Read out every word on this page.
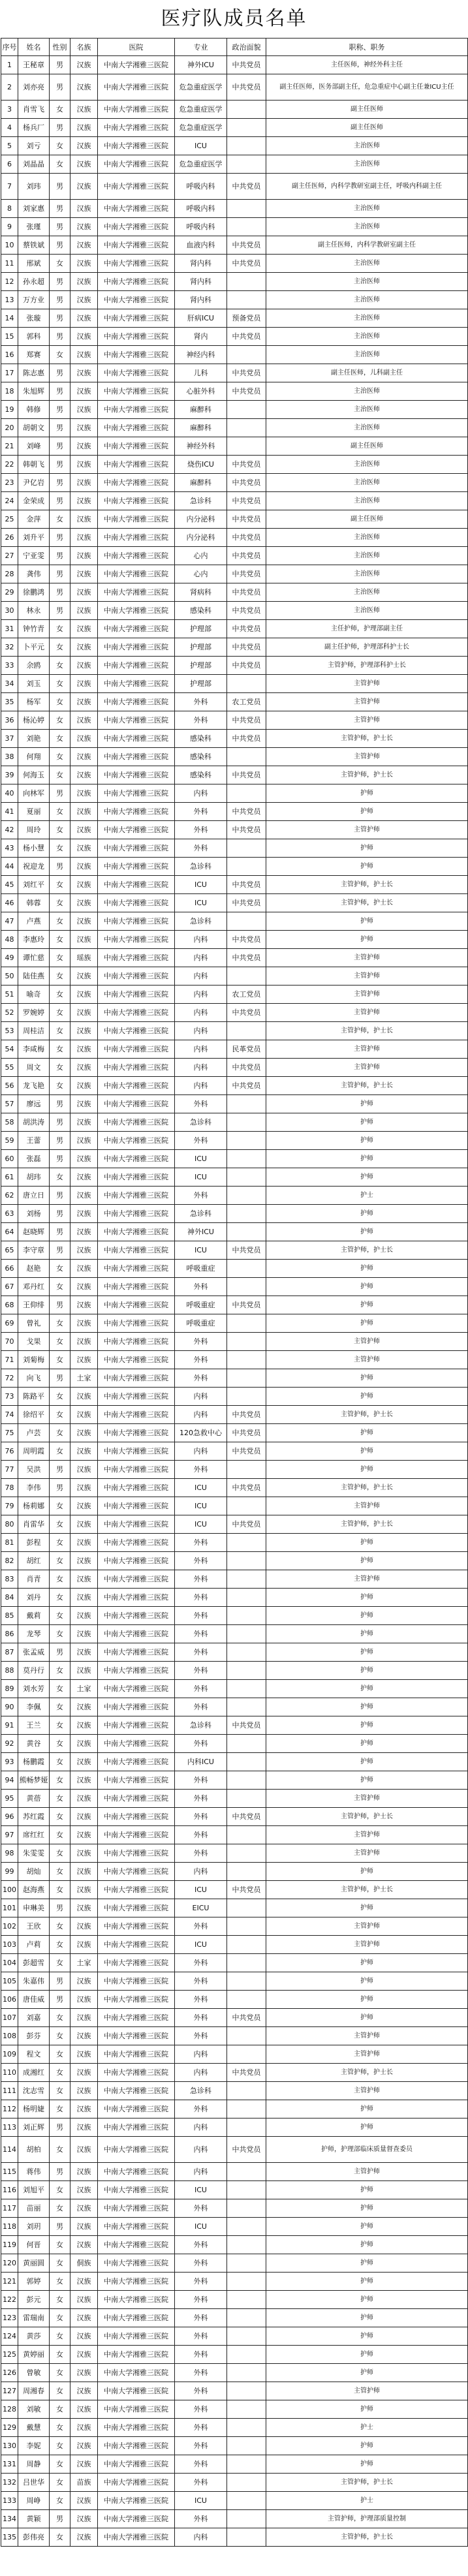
医疗队成员名单
序号	姓名	性别	名族	医院	专业	政治面貌	职称、职务
1	王秘章	男	汉族	中南大学湘雅三医院	神外ICU	中共党员	主任医师，神经外科主任
2	刘亦亮	男	汉族	中南大学湘雅三医院	危急重症医学	中共党员	副主任医师，医务部副主任，危急重症中心副主任兼ICU主任
3	肖雪飞	女	汉族	中南大学湘雅三医院	危急重症医学		副主任医师
4	杨兵厂	男	汉族	中南大学湘雅三医院	危急重症医学		副主任医师
5	刘亏	女	汉族	中南大学湘雅三医院	ICU		主治医师
6	刘晶晶	女	汉族	中南大学湘雅三医院	危急重症医学		主治医师
7	刘玮	男	汉族	中南大学湘雅三医院	呼吸内科	中共党员	副主任医师，内科学教研室副主任，呼吸内科副主任
8	刘家惠	男	汉族	中南大学湘雅三医院	呼吸内科		主治医师
9	张瑾	男	汉族	中南大学湘雅三医院	呼吸内科		主治医师
10	蔡铁斌	男	汉族	中南大学湘雅三医院	血液内科	中共党员	副主任医师，内科学教研室副主任
11	邢斌	女	汉族	中南大学湘雅三医院	肾内科	中共党员	主治医师
12	孙永超	男	汉族	中南大学湘雅三医院	肾内科		主治医师
13	万方业	男	汉族	中南大学湘雅三医院	肾内科		主治医师
14	张璇	男	汉族	中南大学湘雅三医院	肝病ICU	预备党员	主治医师
15	郭科	男	汉族	中南大学湘雅三医院	肾内	中共党员	主治医师
16	郑赛	女	汉族	中南大学湘雅三医院	神经内科		主治医师
17	陈志惠	男	汉族	中南大学湘雅三医院	儿科	中共党员	副主任医师，儿科副主任
18	朱旭辉	男	汉族	中南大学湘雅三医院	心脏外科	中共党员	主治医师
19	韩修	男	汉族	中南大学湘雅三医院	麻醉科		主治医师
20	胡朝文	男	汉族	中南大学湘雅三医院	麻醉科		主治医师
21	刘峰	男	汉族	中南大学湘雅三医院	神经外科		副主任医师
22	韩朝飞	男	汉族	中南大学湘雅三医院	烧伤ICU	中共党员	主治医师
23	尹亿岩	男	汉族	中南大学湘雅三医院	麻醉科	中共党员	主治医师
24	金荣成	男	汉族	中南大学湘雅三医院	急诊科	中共党员	主治医师
25	金萍	女	汉族	中南大学湘雅三医院	内分泌科	中共党员	副主任医师
26	刘升平	男	汉族	中南大学湘雅三医院	内分泌科	中共党员	主治医师
27	宁亚雯	男	汉族	中南大学湘雅三医院	心内	中共党员	主治医师
28	龚伟	男	汉族	中南大学湘雅三医院	心内	中共党员	主治医师
29	徐鹏鸿	男	汉族	中南大学湘雅三医院	肾病科	中共党员	主治医师
30	林永	男	汉族	中南大学湘雅三医院	感染科	中共党员	主治医师
31	钟竹青	女	汉族	中南大学湘雅三医院	护理部	中共党员	主任护师，护理部副主任
32	卜平元	女	汉族	中南大学湘雅三医院	护理部	中共党员	副主任护师，护理部科护士长
33	余鸥	女	汉族	中南大学湘雅三医院	护理部	中共党员	主管护师，护理部科护士长
34	刘玉	女	汉族	中南大学湘雅三医院	护理部		主管护师
35	杨军	女	汉族	中南大学湘雅三医院	外科	农工党员	主管护师
36	杨沁婷	女	汉族	中南大学湘雅三医院	外科	中共党员	主管护师
37	刘艳	女	汉族	中南大学湘雅三医院	感染科	中共党员	主管护师，护士长
38	何翔	女	汉族	中南大学湘雅三医院	感染科		主管护师
39	何海玉	女	汉族	中南大学湘雅三医院	感染科	中共党员	主管护师，护士长
40	向林军	男	汉族	中南大学湘雅三医院	内科		护师
41	夏丽	女	汉族	中南大学湘雅三医院	外科	中共党员	护师
42	周玲	女	汉族	中南大学湘雅三医院	外科	中共党员	主管护师
43	杨小慧	女	汉族	中南大学湘雅三医院	外科		护师
44	祝迎龙	男	汉族	中南大学湘雅三医院	急诊科		护师
45	刘红平	女	汉族	中南大学湘雅三医院	ICU	中共党员	主管护师，护士长
46	韩蓉	女	汉族	中南大学湘雅三医院	ICU	中共党员	主管护师，护士长
47	卢燕	女	汉族	中南大学湘雅三医院	急诊科		护师
48	李惠玲	女	汉族	中南大学湘雅三医院	内科	中共党员	护师
49	谭忙慈	女	瑶族	中南大学湘雅三医院	内科	中共党员	主管护师
50	陆佳燕	女	汉族	中南大学湘雅三医院	内科		主管护师
51	喻奇	女	汉族	中南大学湘雅三医院	内科	农工党员	主管护师
52	罗婉婷	女	汉族	中南大学湘雅三医院	内科	中共党员	主管护师
53	周桂洁	女	汉族	中南大学湘雅三医院	内科		主管护师，护士长
54	李咸梅	女	汉族	中南大学湘雅三医院	内科	民革党员	主管护师
55	周文	女	汉族	中南大学湘雅三医院	内科	中共党员	主管护师
56	龙飞艳	女	汉族	中南大学湘雅三医院	内科	中共党员	主管护师，护士长
57	廖远	男	汉族	中南大学湘雅三医院	外科		护师
58	胡洪涛	男	汉族	中南大学湘雅三医院	急诊科		护师
59	王蕾	男	汉族	中南大学湘雅三医院	外科		护师
60	张磊	男	汉族	中南大学湘雅三医院	ICU		护师
61	胡玮	女	汉族	中南大学湘雅三医院	ICU		护师
62	唐立日	男	汉族	中南大学湘雅三医院	外科		护士
63	刘杨	男	汉族	中南大学湘雅三医院	急诊科		护师
64	赵晓辉	男	汉族	中南大学湘雅三医院	神外ICU		护师
65	李守章	男	汉族	中南大学湘雅三医院	ICU	中共党员	主管护师，护士长
66	赵艳	女	汉族	中南大学湘雅三医院	呼吸重症		护师
67	邓丹红	女	汉族	中南大学湘雅三医院	外科		护师
68	王仰绯	男	汉族	中南大学湘雅三医院	呼吸重症	中共党员	护师
69	曾礼	女	汉族	中南大学湘雅三医院	呼吸重症		护师
70	戈果	女	汉族	中南大学湘雅三医院	外科		主管护师
71	刘菊梅	女	汉族	中南大学湘雅三医院	外科		主管护师
72	向飞	男	土家	中南大学湘雅三医院	外科		护师
73	陈路平	女	汉族	中南大学湘雅三医院	内科		护师
74	徐绍平	女	汉族	中南大学湘雅三医院	内科	中共党员	主管护师，护士长
75	卢芸	女	汉族	中南大学湘雅三医院	120急救中心	中共党员	护师
76	周明霞	女	汉族	中南大学湘雅三医院	内科	中共党员	护师
77	吴洪	男	汉族	中南大学湘雅三医院	外科		护师
78	李伟	男	汉族	中南大学湘雅三医院	ICU	中共党员	主管护师，护士长
79	杨莉娜	女	汉族	中南大学湘雅三医院	ICU		主管护师
80	肖雷华	女	汉族	中南大学湘雅三医院	ICU	中共党员	主管护师，护士长
81	彭程	女	汉族	中南大学湘雅三医院	外科		护师
82	胡红	女	汉族	中南大学湘雅三医院	外科		护师
83	肖青	女	汉族	中南大学湘雅三医院	外科		主管护师
84	刘丹	女	汉族	中南大学湘雅三医院	外科		护师
85	戴莉	女	汉族	中南大学湘雅三医院	外科		护师
86	龙琴	女	汉族	中南大学湘雅三医院	外科		护师
87	张孟威	男	汉族	中南大学湘雅三医院	外科		护师
88	莫丹行	女	汉族	中南大学湘雅三医院	外科		护师
89	刘水芳	女	土家	中南大学湘雅三医院	外科		护师
90	李佩	女	汉族	中南大学湘雅三医院	外科		护师
91	王兰	女	汉族	中南大学湘雅三医院	急诊科	中共党员	护师
92	黄谷	女	汉族	中南大学湘雅三医院	外科		护师
93	杨鹏霞	女	汉族	中南大学湘雅三医院	内科ICU		护师
94	熊畅梦娅	女	汉族	中南大学湘雅三医院	外科		护师
95	黄蓓	女	汉族	中南大学湘雅三医院	外科		主管护师
96	苏红霞	女	汉族	中南大学湘雅三医院	外科	中共党员	主管护师，护士长
97	席红红	女	汉族	中南大学湘雅三医院	外科		主管护师
98	朱雯雯	女	汉族	中南大学湘雅三医院	外科		主管护师
99	胡灿	女	汉族	中南大学湘雅三医院	内科		护师
100	赵海燕	女	汉族	中南大学湘雅三医院	ICU	中共党员	主管护师，护士长
101	申琳美	男	汉族	中南大学湘雅三医院	EICU		护师
102	王欣	女	汉族	中南大学湘雅三医院	外科		主管护师
103	卢莉	女	汉族	中南大学湘雅三医院	ICU		主管护师
104	彭超雪	女	土家	中南大学湘雅三医院	外科		护师
105	朱嘉伟	男	汉族	中南大学湘雅三医院	外科		护师
106	唐佳威	男	汉族	中南大学湘雅三医院	外科		护师
107	刘嘉	女	汉族	中南大学湘雅三医院	外科	中共党员	护师
108	彭芬	女	汉族	中南大学湘雅三医院	外科		主管护师
109	程文	女	汉族	中南大学湘雅三医院	内科		主管护师
110	成湘红	女	汉族	中南大学湘雅三医院	内科	中共党员	主管护师，护士长
111	沈志雪	女	汉族	中南大学湘雅三医院	急诊科		主管护师
112	杨明婕	女	汉族	中南大学湘雅三医院	外科		护师
113	刘正辉	男	汉族	中南大学湘雅三医院	内科		护师
114	胡柏	女	汉族	中南大学湘雅三医院	内科	中共党员	护师，护理部临床质量督查委员
115	蒋伟	男	汉族	中南大学湘雅三医院	内科		主管护师
116	刘旭平	女	汉族	中南大学湘雅三医院	ICU		护师
117	苗丽	女	汉族	中南大学湘雅三医院	外科		护师
118	刘玥	男	汉族	中南大学湘雅三医院	ICU		护师
119	何晋	女	汉族	中南大学湘雅三医院	外科		护师
120	黄丽圆	女	侗族	中南大学湘雅三医院	外科		护师
121	郭婷	女	汉族	中南大学湘雅三医院	外科		护师
122	彭元	女	汉族	中南大学湘雅三医院	外科		护师
123	雷瑞南	女	汉族	中南大学湘雅三医院	外科		护师
124	黄莎	女	汉族	中南大学湘雅三医院	外科		护师
125	黄婷丽	女	汉族	中南大学湘雅三医院	外科		护师
126	曾敏	女	汉族	中南大学湘雅三医院	外科		护师
127	周湘春	女	汉族	中南大学湘雅三医院	外科		主管护师
128	刘敏	女	汉族	中南大学湘雅三医院	外科		护师
129	戴慧	女	汉族	中南大学湘雅三医院	外科		护士
130	李妮	女	汉族	中南大学湘雅三医院	外科		护师
131	周静	女	汉族	中南大学湘雅三医院	外科		护师
132	吕世华	女	苗族	中南大学湘雅三医院	外科		主管护师，护士长
133	周峥	女	汉族	中南大学湘雅三医院	ICU		护士
134	黄颖	男	汉族	中南大学湘雅三医院	外科		主管护师，护理部质量控制
135	彭伟亮	女	汉族	中南大学湘雅三医院	内科		主管护师，护士长
